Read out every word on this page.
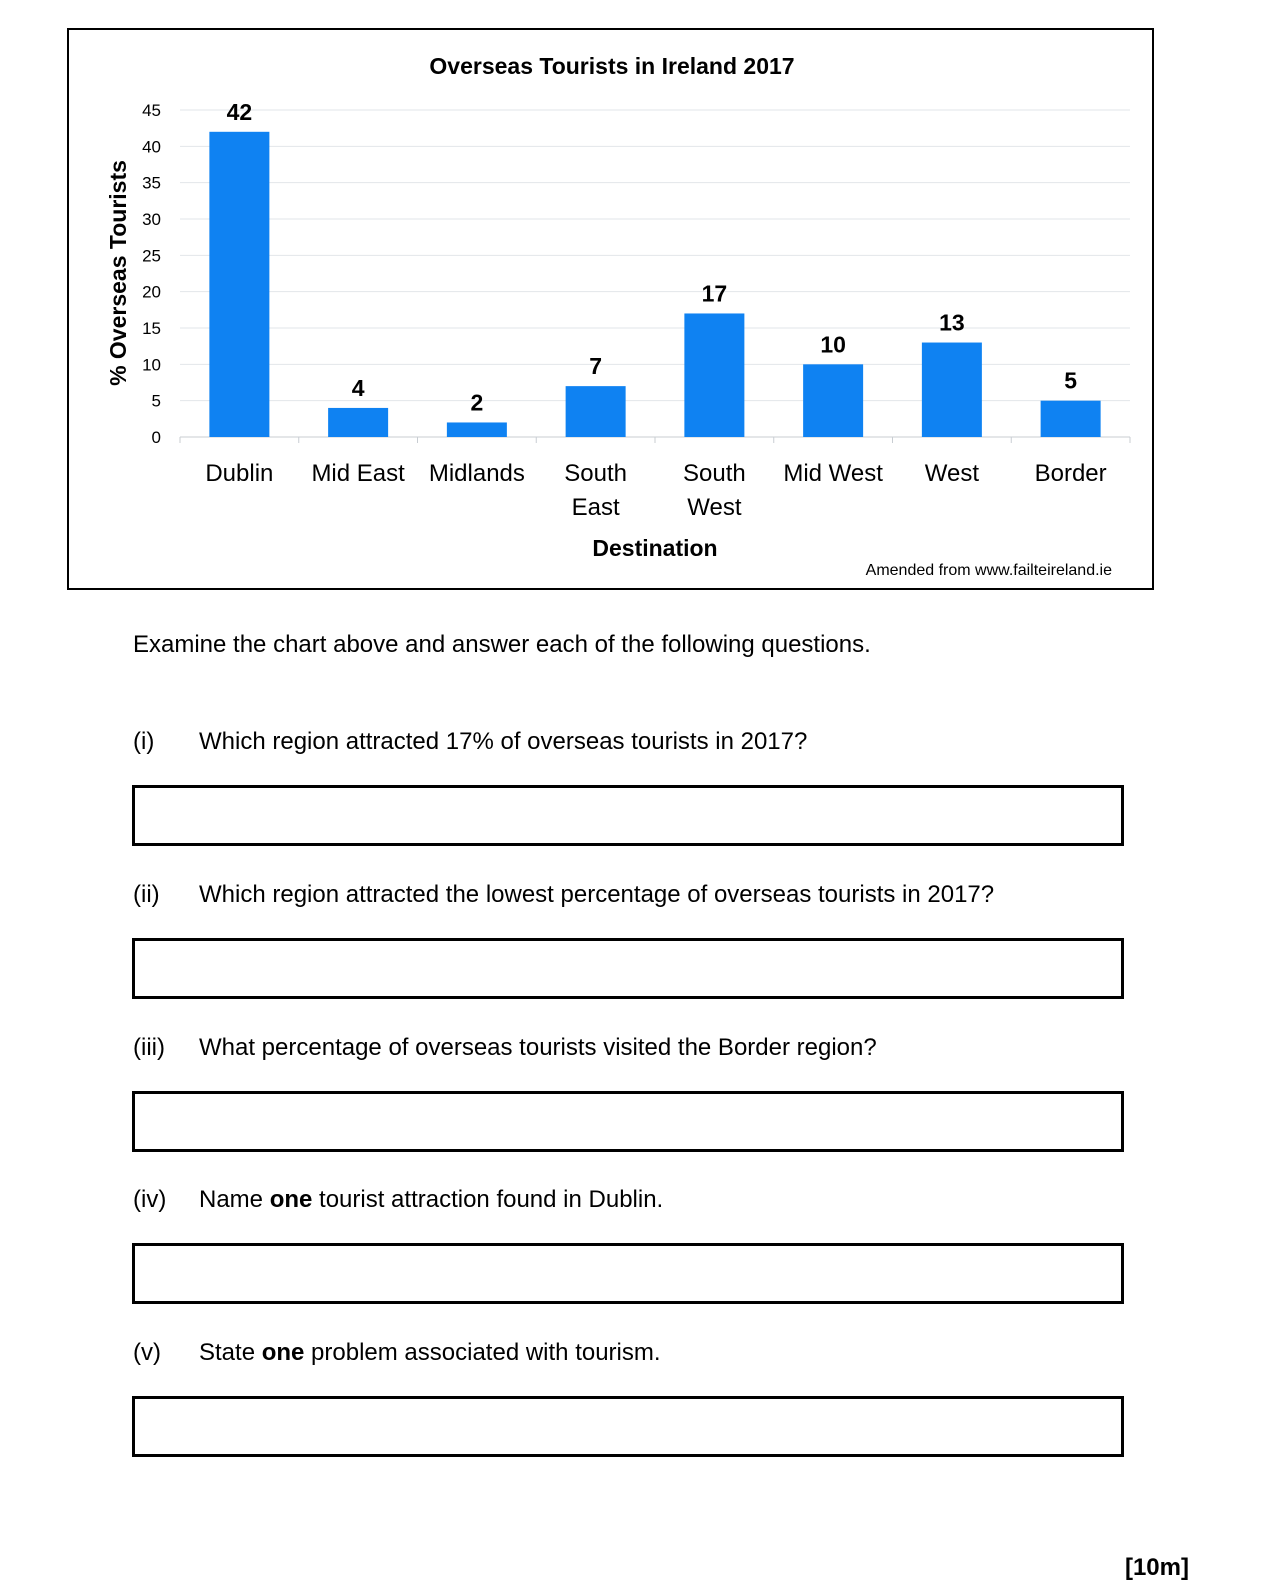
Overseas Tourists in Ireland 2017
0
5
10
15
20
25
30
35
40
45
% Overseas Tourists
42
Dublin
4
Mid East
2
Midlands
7
South
East
17
South
West
10
Mid West
13
West
5
Border
Destination
Amended from www.failteireland.ie
Examine the chart above and answer each of the following questions.
(i) Which region attracted 17% of overseas tourists in 2017?
(ii) Which region attracted the lowest percentage of overseas tourists in 2017?
(iii) What percentage of overseas tourists visited the Border region?
(iv) Name one tourist attraction found in Dublin.
(v) State one problem associated with tourism.
[10m]
